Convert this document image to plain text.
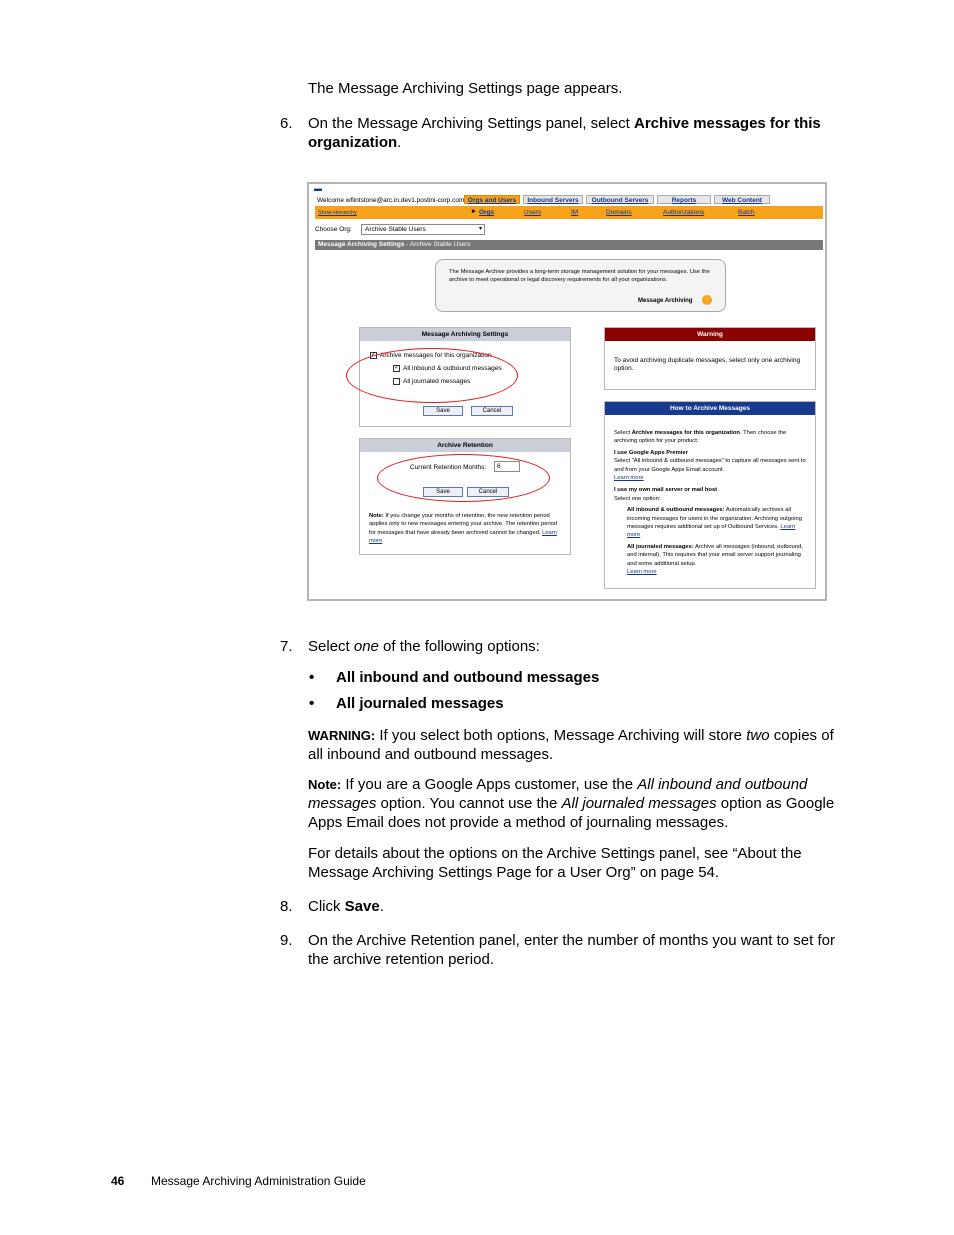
The Message Archiving Settings page appears.
6. On the Message Archiving Settings panel, select Archive messages for this organization.
▬
Welcome wflintstone@arc.in.dev1.postini-corp.com Orgs and Users	Inbound Servers	Outbound Servers	Reports	Web Content
Show Hierarchy	▸ Orgs	Users	IM	Domains	Authorizations	Batch
Choose Org:	Archive Stable Users	▾
Message Archiving Settings - Archive Stable Users
The Message Archive provides a long-term storage management solution for your messages. Use the archive to meet operational or legal discovery requirements for all your organizations.
Message Archiving	›
Message Archiving Settings
✓ Archive messages for this organization
✓ All inbound & outbound messages
All journaled messages
Save	Cancel
Warning
To avoid archiving duplicate messages, select only one archiving option.
Archive Retention
Current Retention Months:	6
Save	Cancel
Note: If you change your months of retention, the new retention period applies only to new messages entering your archive. The retention period for messages that have already been archived cannot be changed. Learn more
How to Archive Messages
Select Archive messages for this organization. Then choose the archiving option for your product:
I use Google Apps Premier
Select "All inbound & outbound messages" to capture all messages sent to and from your Google Apps Email account.
Learn more
I use my own mail server or mail host
Select one option:
All inbound & outbound messages: Automatically archives all incoming messages for users in the organization. Archiving outgoing messages requires additional set up of Outbound Services. Learn more
All journaled messages: Archive all messages (inbound, outbound, and internal). This requires that your email server support journaling and some additional setup.
Learn more
7. Select one of the following options:
• All inbound and outbound messages
• All journaled messages
WARNING: If you select both options, Message Archiving will store two copies of all inbound and outbound messages.
Note: If you are a Google Apps customer, use the All inbound and outbound messages option. You cannot use the All journaled messages option as Google Apps Email does not provide a method of journaling messages.
For details about the options on the Archive Settings panel, see “About the Message Archiving Settings Page for a User Org” on page 54.
8. Click Save.
9. On the Archive Retention panel, enter the number of months you want to set for the archive retention period.
46 Message Archiving Administration Guide
